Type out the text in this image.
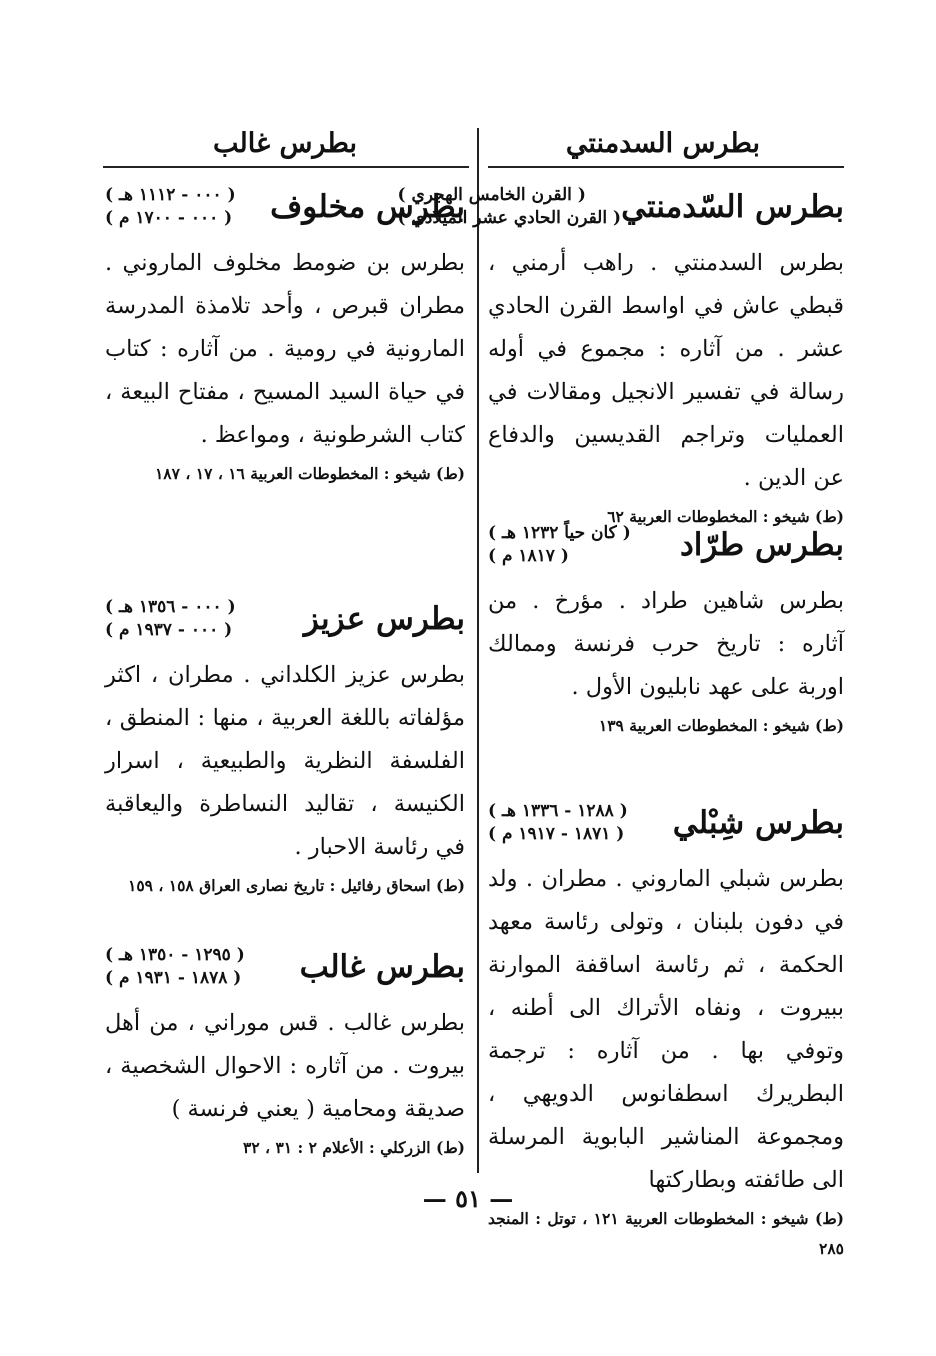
بطرس السدمنتي
بطرس غالب
بطرس السّدمنتي
( القرن الخامس الهجري )
( القرن الحادي عشر الميلادي )
بطرس السدمنتي . راهب أرمني ، قبطي عاش في اواسط القرن الحادي عشر . من آثاره : مجموع في أوله رسالة في تفسير الانجيل ومقالات في العمليات وتراجم القديسين والدفاع عن الدين .
(ط) شيخو : المخطوطات العربية ٦٢
بطرس طرّاد
( كان حياً ١٢٣٢ هـ )
( ١٨١٧ م )
بطرس شاهين طراد . مؤرخ . من آثاره : تاريخ حرب فرنسة وممالك اوربة على عهد نابليون الأول .
(ط) شيخو : المخطوطات العربية ١٣٩
بطرس شِبْلي
( ١٢٨٨ - ١٣٣٦ هـ )
( ١٨٧١ - ١٩١٧ م )
بطرس شبلي الماروني . مطران . ولد في دفون بلبنان ، وتولى رئاسة معهد الحكمة ، ثم رئاسة اساقفة الموارنة ببيروت ، ونفاه الأتراك الى أطنه ، وتوفي بها . من آثاره : ترجمة البطريرك اسطفانوس الدويهي ، ومجموعة المناشير البابوية المرسلة الى طائفته وبطاركتها
(ط) شيخو : المخطوطات العربية ١٢١ ، توتل : المنجد ٢٨٥
بطرس مخلوف
( ٠٠٠ - ١١١٢ هـ )
( ٠٠٠ - ١٧٠٠ م )
بطرس بن ضومط مخلوف الماروني . مطران قبرص ، وأحد تلامذة المدرسة المارونية في رومية . من آثاره : كتاب في حياة السيد المسيح ، مفتاح البيعة ، كتاب الشرطونية ، ومواعظ .
(ط) شيخو : المخطوطات العربية ١٦ ، ١٧ ، ١٨٧
بطرس عزيز
( ٠٠٠ - ١٣٥٦ هـ )
( ٠٠٠ - ١٩٣٧ م )
بطرس عزيز الكلداني . مطران ، اكثر مؤلفاته باللغة العربية ، منها : المنطق ، الفلسفة النظرية والطبيعية ، اسرار الكنيسة ، تقاليد النساطرة واليعاقبة في رئاسة الاحبار .
(ط) اسحاق رفائيل : تاريخ نصارى العراق ١٥٨ ، ١٥٩
بطرس غالب
( ١٢٩٥ - ١٣٥٠ هـ )
( ١٨٧٨ - ١٩٣١ م )
بطرس غالب . قس موراني ، من أهل بيروت . من آثاره : الاحوال الشخصية ، صديقة ومحامية ( يعني فرنسة )
(ط) الزركلي : الأعلام ٢ : ٣١ ، ٣٢
— ٥١ —
